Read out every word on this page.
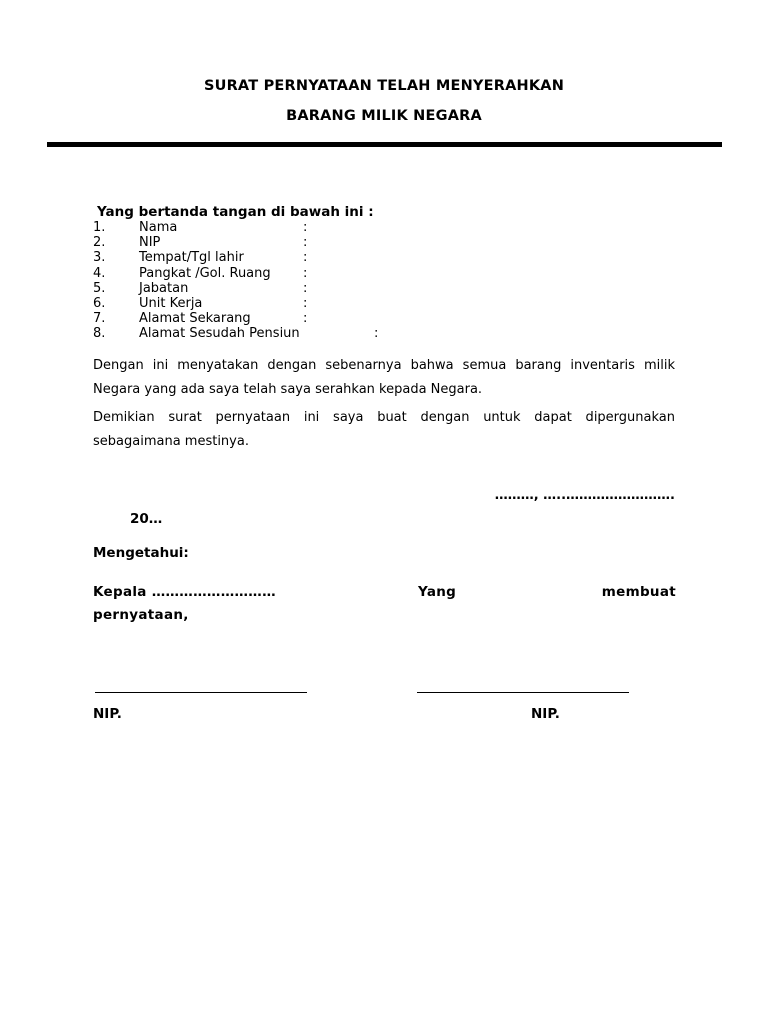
SURAT PERNYATAAN TELAH MENYERAHKAN
BARANG MILIK NEGARA
Yang bertanda tangan di bawah ini :
1.	Nama	:
2.	NIP	:
3.	Tempat/Tgl lahir	:
4.	Pangkat /Gol. Ruang :
5.	Jabatan	:
6.	Unit Kerja	:
7.	Alamat Sekarang	:
8.	Alamat Sesudah Pensiun	:
Dengan ini menyatakan dengan sebenarnya bahwa semua barang inventaris milik Negara yang ada saya telah saya serahkan kepada Negara.
Demikian surat pernyataan ini saya buat dengan untuk dapat dipergunakan sebagaimana mestinya.
………, …..…………………….
20…
Mengetahui:
Kepala ………………………	Yang	membuat
pernyataan,
NIP.	NIP.
